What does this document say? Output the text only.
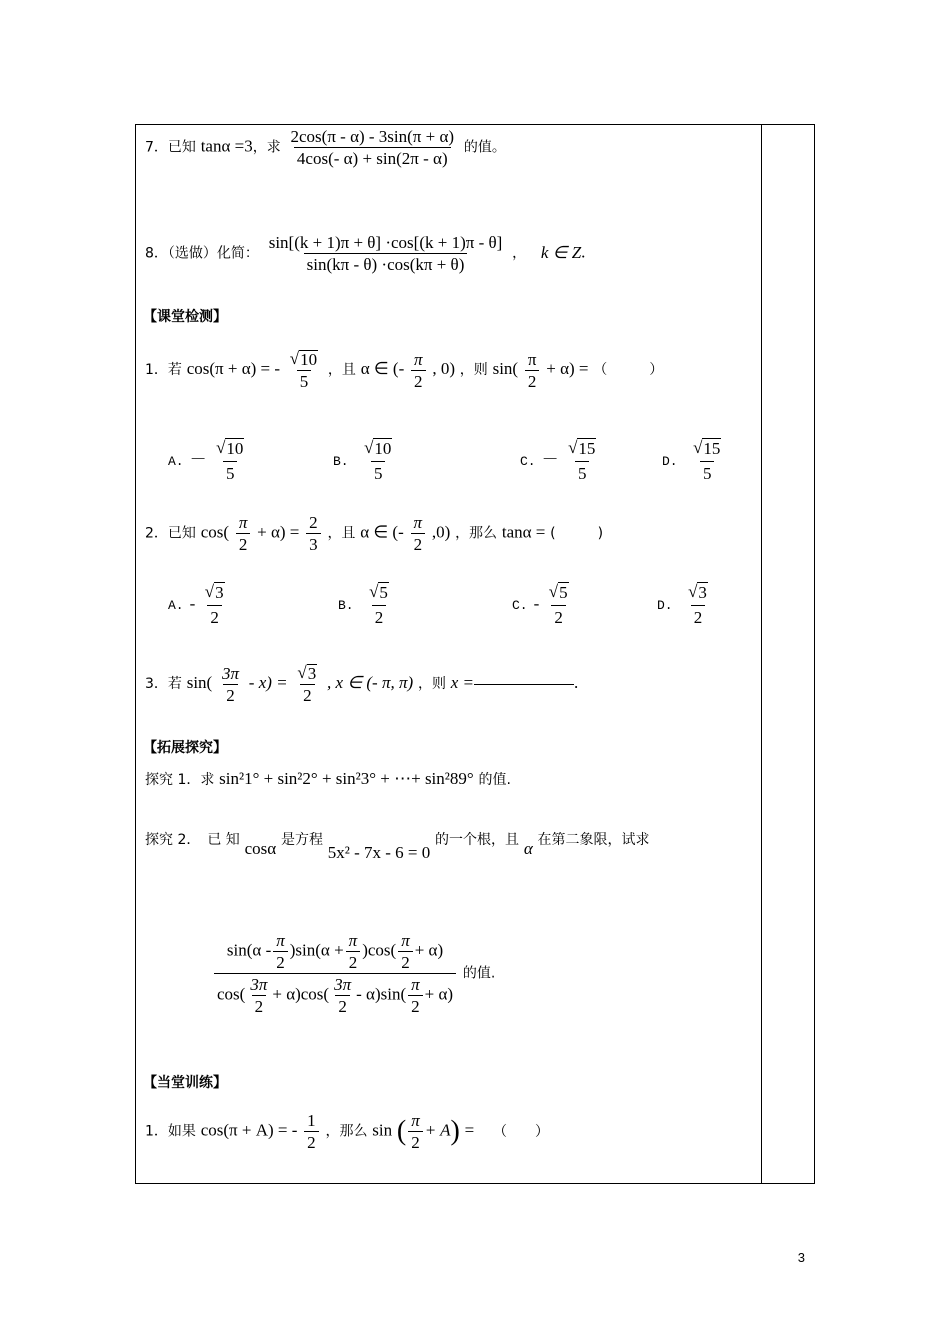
7．已知 tanα =3，求 $\frac{2\cos(\pi - \alpha) - 3\sin(\pi + \alpha)}{4\cos(- \alpha) + \sin(2\pi - \alpha)}$ 的值。
8．（选做）化简： $\frac{\sin[(k + 1)\pi + \theta] \cdot\cos[(k + 1)\pi - \theta]}{\sin(k\pi - \theta) \cdot\cos(k\pi + \theta)}$ ， k ∈ Z.
【课堂检测】
1．若 cos(π + α) = - $\frac{√ 10}{5}$ ，且 α ∈ (- $\frac{\pi}{2}$ , 0) ，则 $\sin( \frac{\pi}{2} + \alpha)$ = （　　　）
A. － $\frac{√ 10}{5}$	B. $\frac{√ 10}{5}$	C. － $\frac{√ 15}{5}$	D. $\frac{√ 15}{5}$
2．已知 $\cos( \frac{\pi}{2} + \alpha) = \frac{2}{3}$ ，且 α ∈ (- $\frac{\pi}{2} ,0$) ，那么 tanα = (　　　)
A. - $\frac{√ 3}{2}$	B. $\frac{√ 5}{2}$	C. - $\frac{√ 5}{2}$	D. $\frac{√ 3}{2}$
3．若 $\sin( \frac{3\pi}{2} - x) = \frac{√ 3}{2}$ , x ∈ (- π, π) ，则 x =	.
【拓展探究】
探究 1．求 sin²1° + sin²2° + sin²3° + ⋯+ sin²89° 的值.
探究 2．　已 知 cosα 是方程 5x² - 7x - 6 = 0 的一个根，且 α 在第二象限，试求
$\frac{\sin(\alpha - \frac{\pi}{2} )\sin(\alpha + \frac{\pi}{2} )\cos( \frac{\pi}{2} + \alpha)}{\cos( \frac{3\pi}{2} + \alpha)\cos( \frac{3\pi}{2} - \alpha)\sin( \frac{\pi}{2} + \alpha)}$ 的值.
【当堂训练】
1．如果 cos(π + A) = - $\frac{1}{2}$ ，那么 sin ( $\frac{\pi}{2} + A$) = （　　）
3
